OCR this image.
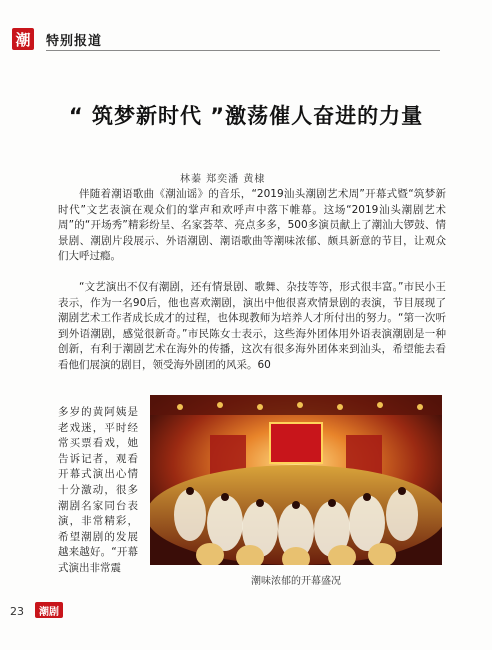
潮 特别报道
“ 筑梦新时代 ”激荡催人奋进的力量
林蓁 郑奕潘 黄棣

伴随着潮语歌曲《潮汕谣》的音乐，“2019汕头潮剧艺术周”开幕式暨“筑梦新时代”文艺表演在观众们的掌声和欢呼声中落下帷幕。这场“2019汕头潮剧艺术周”的“开场秀”精彩纷呈、名家荟萃、亮点多多，500多演员献上了潮汕大锣鼓、情景剧、潮剧片段展示、外语潮剧、潮语歌曲等潮味浓郁、颇具新意的节目，让观众们大呼过瘾。

“文艺演出不仅有潮剧，还有情景剧、歌舞、杂技等等，形式很丰富。”市民小王表示，作为一名90后，他也喜欢潮剧，演出中他很喜欢情景剧的表演，节目展现了潮剧艺术工作者成长成才的过程，也体现教师为培养人才所付出的努力。“第一次听到外语潮剧，感觉很新奇。”市民陈女士表示，这些海外团体用外语表演潮剧是一种创新，有利于潮剧艺术在海外的传播，这次有很多海外团体来到汕头，希望能去看看他们展演的剧目，领受海外剧团的风采。60

多岁的黄阿姨是老戏迷，平时经常买票看戏，她告诉记者，观看 开幕式演出心情十分激动，很多潮剧名家同台表演，非常精彩，希望潮剧的发展越来越好。“开幕式演出非常震

潮味浓郁的开幕盛况
23	潮剧
